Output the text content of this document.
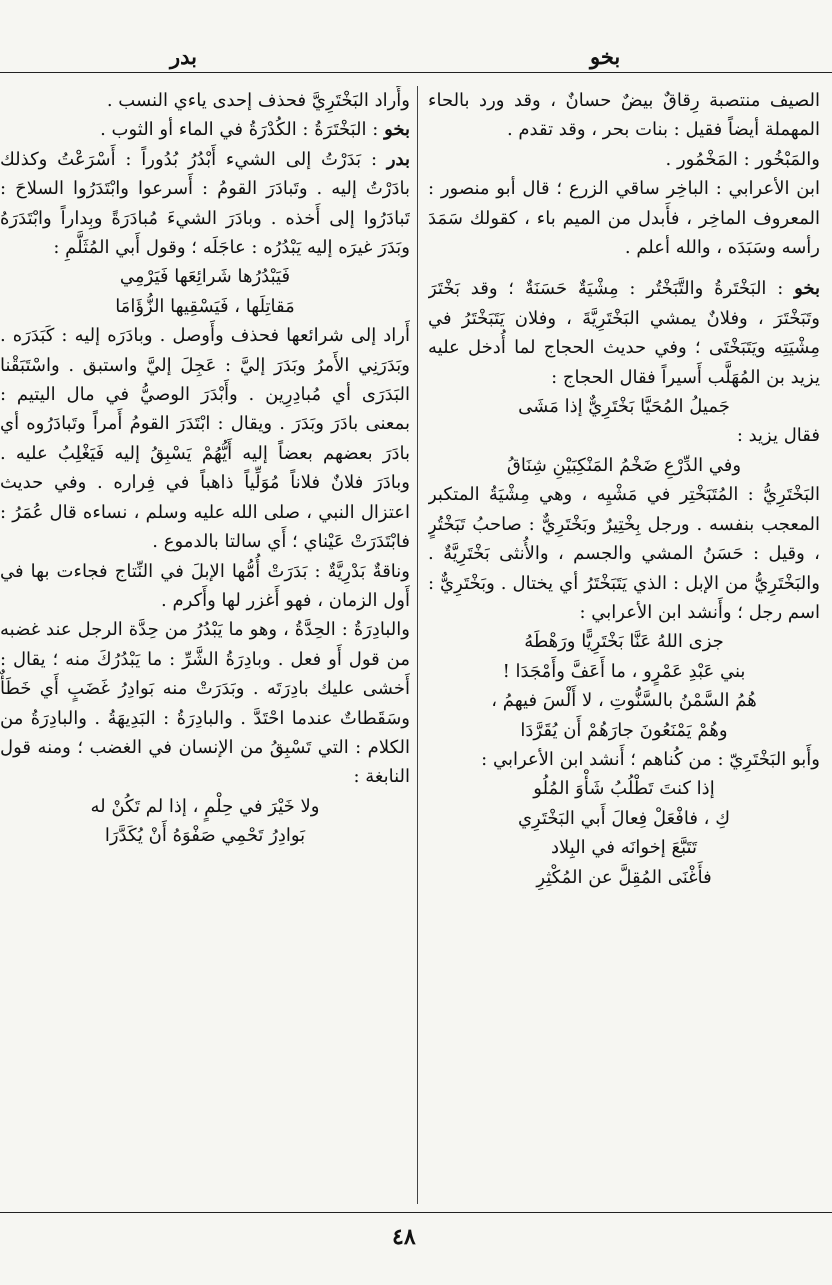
بخو
بدر

الصيف منتصبة رِقاقٌ بيضٌ حسانٌ ، وقد ورد بالحاء المهملة أيضاً فقيل : بنات بحر ، وقد تقدم .

والمَبْخُور : المَخْمُور .

ابن الأعرابي : الباخِر ساقي الزرع ؛ قال أبو منصور : المعروف الماخِر ، فأَبدل من الميم باء ، كقولك سَمَدَ رأسه وسَبَدَه ، والله أعلم .

بخو : البَخْتَرةُ والتَّبَخْتُر : مِشْيَةٌ حَسَنَةٌ ؛ وقد بَخْتَرَ وتَبَخْتَرَ ، وفلانٌ يمشي البَخْتَرِيَّةَ ، وفلان يَتَبَخْتَرُ في مِشْيَتِه ويَتَبَخْتَى ؛ وفي حديث الحجاج لما أُدخل عليه يزيد بن المُهَلَّب أَسيراً فقال الحجاج :

جَميلُ المُحَيَّا بَخْتَرِيٌّ إذا مَشَى

فقال يزيد :

وفي الدِّرْعِ ضَخْمُ المَنْكِبَيْنِ شِنَاقُ

البَخْتَرِيُّ : المُتَبَخْتِر في مَشْيِه ، وهي مِشْيَةُ المتكبر المعجب بنفسه . ورجل بِخْتِيرٌ وبَخْتَرِيٌّ : صاحبُ تَبَخْتُرٍ ، وقيل : حَسَنُ المشي والجسم ، والأُنثى بَخْتَرِيَّةٌ . والبَخْتَرِيُّ من الإبل : الذي يَتَبَخْتَرُ أي يختال . وبَخْتَرِيٌّ : اسم رجل ؛ وأَنشد ابن الأعرابي :

جزى اللهُ عَنَّا بَخْتَرِيًّا ورَهْطَهُ

بني عَبْدِ عَمْرٍو ، ما أَعَفَّ وأَمْجَدَا !

هُمُ السَّمْنُ بالسَّنُّوتِ ، لا أَلْسَ فيهمُ ،

وهُمْ يَمْنَعُونَ جارَهُمْ أَن يُقَرَّدَا

وأَبو البَخْتَرِيّ : من كُناهم ؛ أَنشد ابن الأعرابي :

إذا كنتَ تَطْلُبُ شَأْوَ المُلُو

كِ ، فافْعَلْ فِعالَ أَبي البَخْتَرِي

تَتَبَّعَ إخوانَه في البِلاد

فأَغْنَى المُقِلَّ عن المُكْثِرِ

وأَراد البَخْتَرِيَّ فحذف إحدى ياءي النسب .

بخو : البَخْتَرَةُ : الكُدْرَةُ في الماء أو الثوب .

بدر : بَدَرْتُ إلى الشيء أَبْدُرُ بُدُوراً : أَسْرَعْتُ وكذلك بادَرْتُ إليه . وتَبادَرَ القومُ : أَسرعوا وابْتَدَرُوا السلاحَ : تَبادَرُوا إلى أَخذه . وبادَرَ الشيءَ مُبادَرَةً وبِداراً وابْتَدَرَهُ وبَدَرَ غيرَه إليه يَبْدُرُه : عاجَلَه ؛ وقول أَبي المُثَلَّمِ :

فَيَبْدُرُها شَرائِعَها فَيَرْمِي

مَقاتِلَها ، فَيَسْقِيها الزُّؤَامَا

أَراد إلى شرائعها فحذف وأَوصل . وبادَرَه إليه : كَبَدَرَه . وبَدَرَنِي الأَمرُ وبَدَرَ إليَّ : عَجِلَ إليَّ واستبق . واسْتَبَقْنا البَدَرَى أي مُبادِرِين . وأَبْدَرَ الوصيُّ في مال اليتيم : بمعنى بادَرَ وبَدَرَ . ويقال : ابْتَدَرَ القومُ أَمراً وتَبادَرُوه أي بادَرَ بعضهم بعضاً إليه أَيُّهُمْ يَسْبِقُ إليه فَيَغْلِبُ عليه . وبادَرَ فلانٌ فلاناً مُوَلِّياً ذاهباً في فِراره . وفي حديث اعتزال النبي ، صلى الله عليه وسلم ، نساءه قال عُمَرُ : فابْتَدَرَتْ عَيْناي ؛ أَي سالتا بالدموع .

وناقةٌ بَدْرِيَّةٌ : بَدَرَتْ أُمُّها الإبلَ في النِّتاج فجاءت بها في أَول الزمان ، فهو أَغزر لها وأَكرم .

والبادِرَةُ : الحِدَّةُ ، وهو ما يَبْدُرُ من حِدَّة الرجل عند غضبه من قول أَو فعل . وبادِرَةُ الشَّرِّ : ما يَبْدُرُكَ منه ؛ يقال : أَخشى عليك بادِرَتَه . وبَدَرَتْ منه بَوادِرُ غَضَبٍ أَي خَطَأٌ وسَقَطاتٌ عندما احْتَدَّ . والبادِرَةُ : البَدِيهَةُ . والبادِرَةُ من الكلام : التي تَسْبِقُ من الإنسان في الغضب ؛ ومنه قول النابغة :

ولا خَيْرَ في حِلْمٍ ، إذا لم تَكُنْ له

بَوادِرُ تَحْمِي صَفْوَهُ أَنْ يُكَدَّرَا

٤٨
